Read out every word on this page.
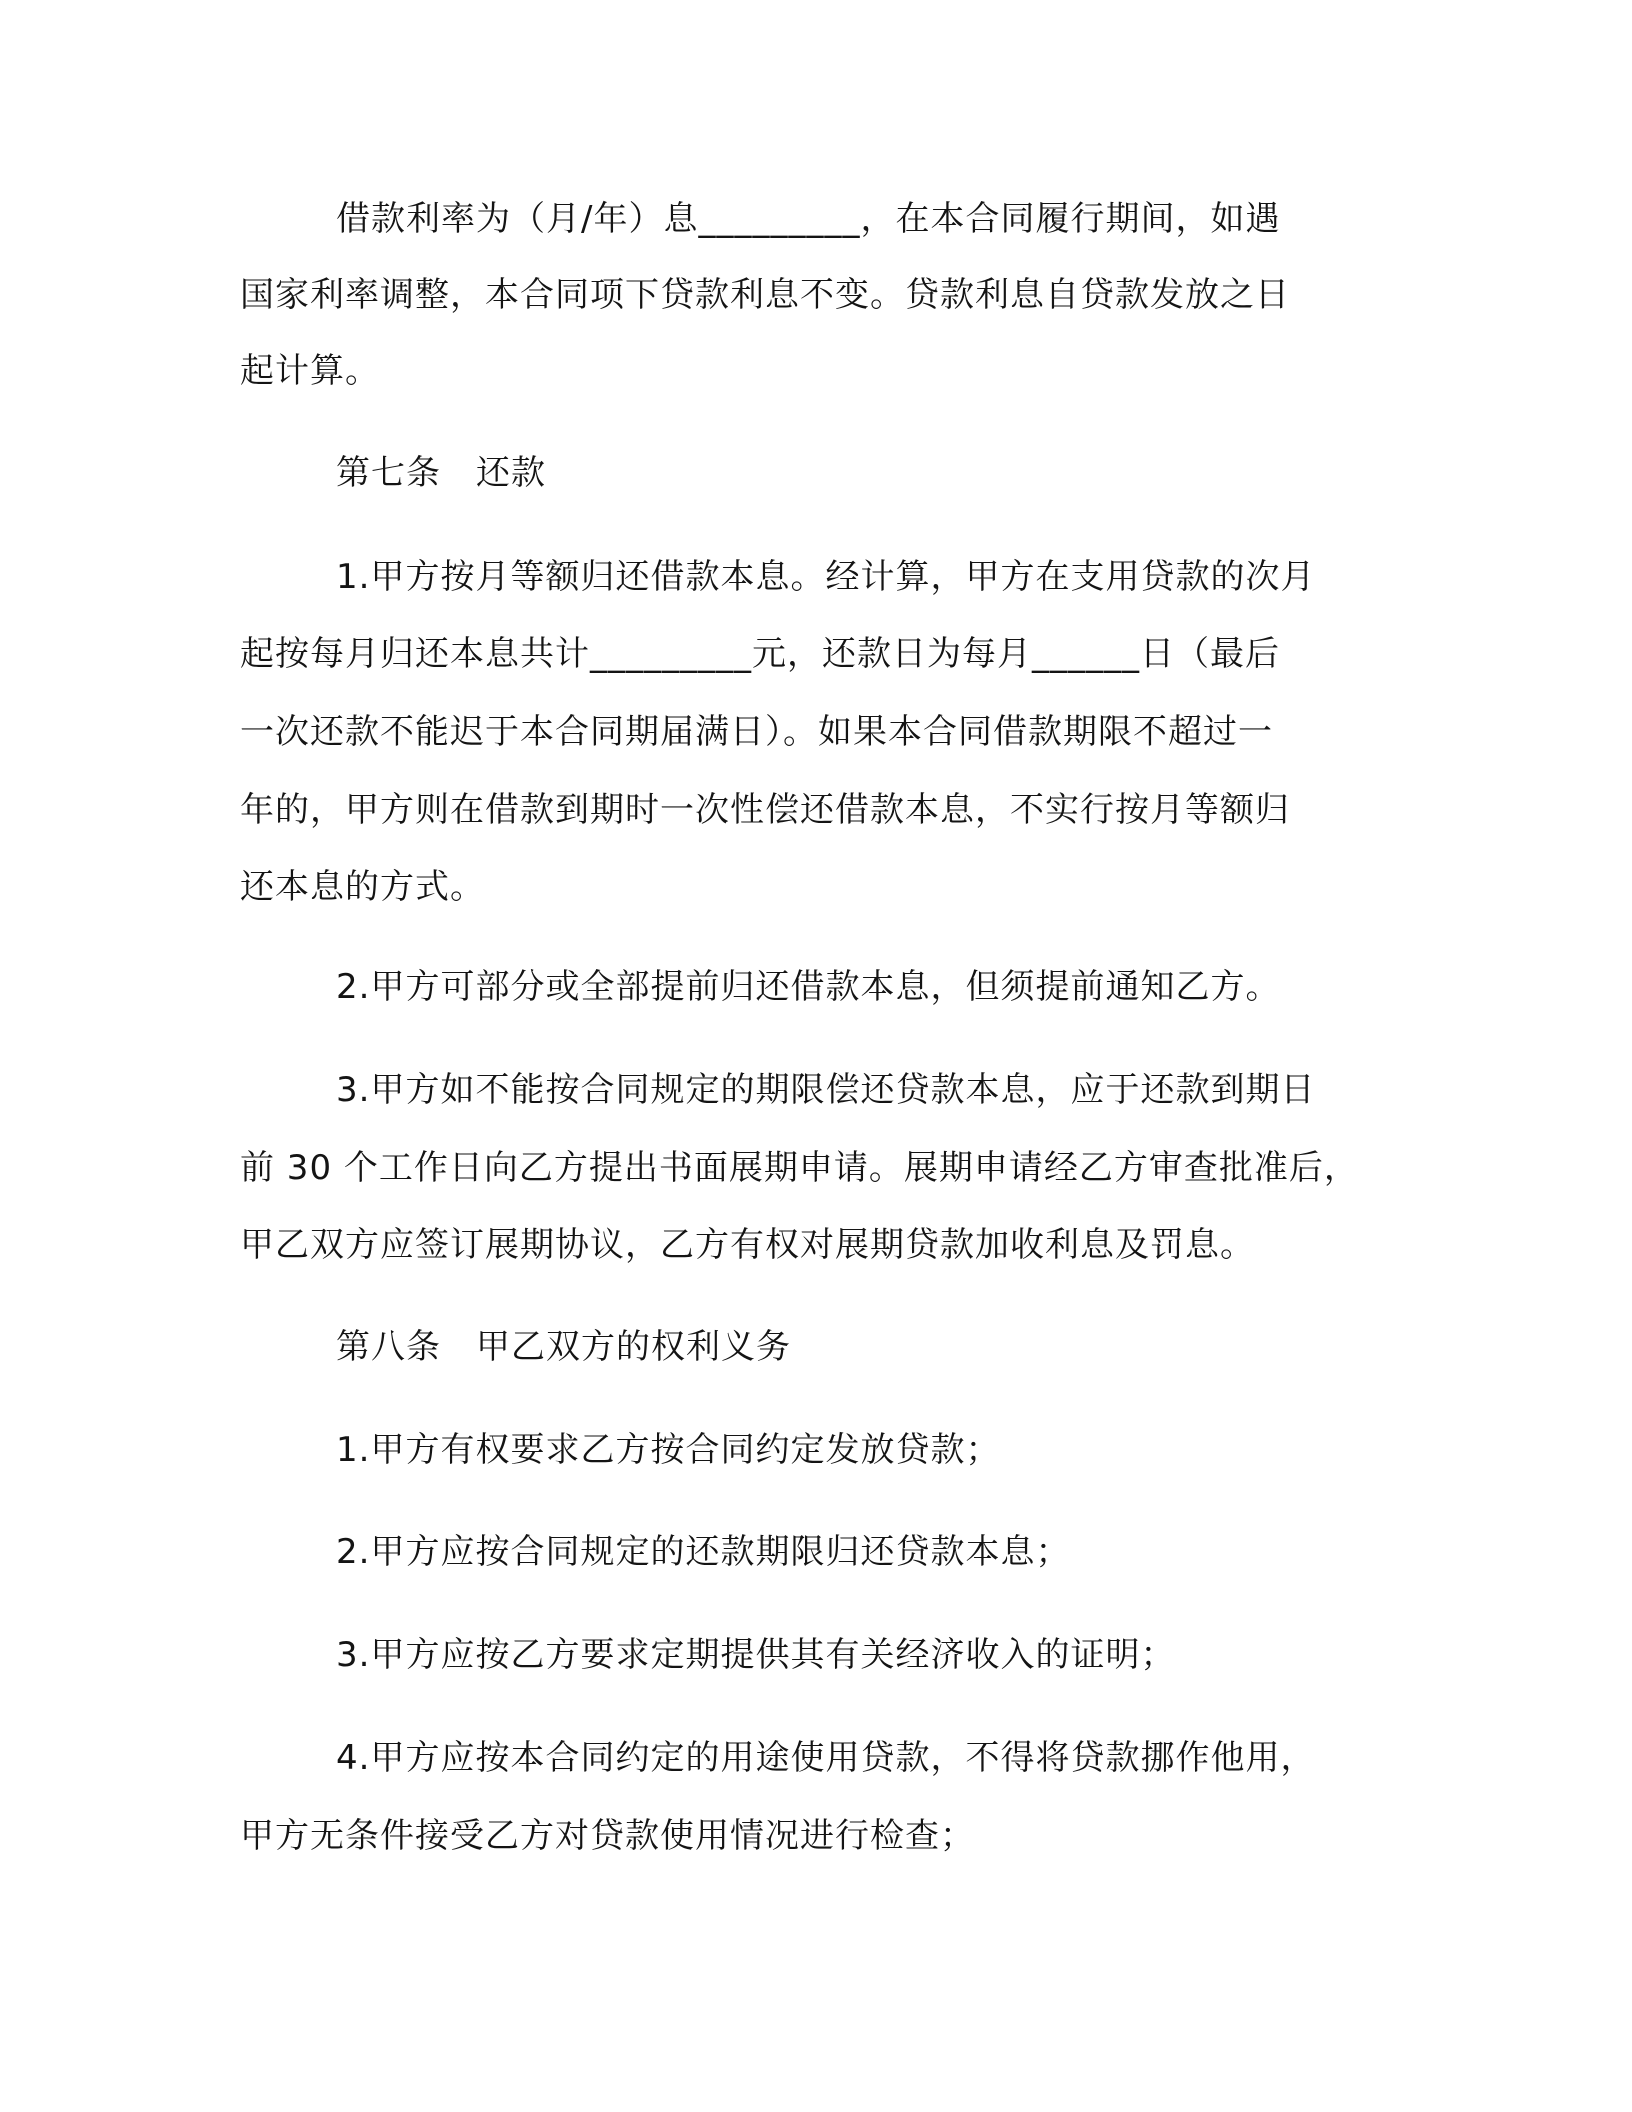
借款利率为（月/年）息_________，在本合同履行期间，如遇
国家利率调整，本合同项下贷款利息不变。贷款利息自贷款发放之日
起计算。
第七条　还款
1.甲方按月等额归还借款本息。经计算，甲方在支用贷款的次月
起按每月归还本息共计_________元，还款日为每月______日（最后
一次还款不能迟于本合同期届满日）。如果本合同借款期限不超过一
年的，甲方则在借款到期时一次性偿还借款本息，不实行按月等额归
还本息的方式。
2.甲方可部分或全部提前归还借款本息，但须提前通知乙方。
3.甲方如不能按合同规定的期限偿还贷款本息，应于还款到期日
前 30 个工作日向乙方提出书面展期申请。展期申请经乙方审查批准后，
甲乙双方应签订展期协议，乙方有权对展期贷款加收利息及罚息。
第八条　甲乙双方的权利义务
1.甲方有权要求乙方按合同约定发放贷款；
2.甲方应按合同规定的还款期限归还贷款本息；
3.甲方应按乙方要求定期提供其有关经济收入的证明；
4.甲方应按本合同约定的用途使用贷款，不得将贷款挪作他用，
甲方无条件接受乙方对贷款使用情况进行检查；
